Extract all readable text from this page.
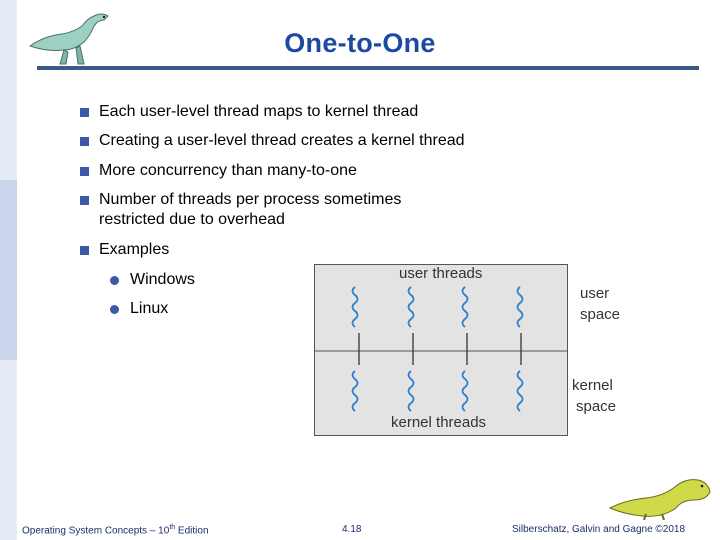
One-to-One
Each user-level thread maps to kernel thread
Creating a user-level thread creates a kernel thread
More concurrency than many-to-one
Number of threads per process sometimes
restricted due to overhead
Examples
Windows
Linux
user threads
kernel threads
user
space
kernel
space
Operating System Concepts – 10th Edition	4.18	Silberschatz, Galvin and Gagne ©2018
